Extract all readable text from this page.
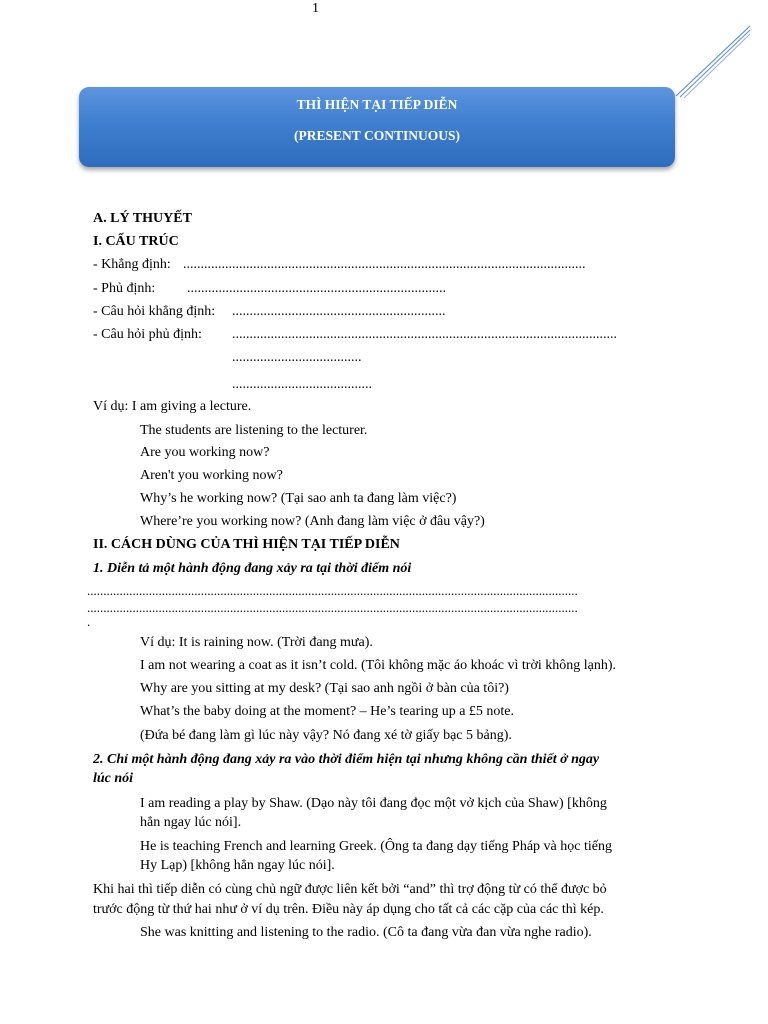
1
THÌ HIỆN TẠI TIẾP DIỄN
(PRESENT CONTINUOUS)
A. LÝ THUYẾT
I. CẤU TRÚC
- Khẳng định: ...................................................................................................................
- Phủ định: ..........................................................................
- Câu hỏi khẳng định: .............................................................
- Câu hỏi phủ định: ..............................................................................................................
.....................................
........................................
Ví dụ: I am giving a lecture.
The students are listening to the lecturer.
Are you working now?
Aren't you working now?
Why’s he working now? (Tại sao anh ta đang làm việc?)
Where’re you working now? (Anh đang làm việc ở đâu vậy?)
II. CÁCH DÙNG CỦA THÌ HIỆN TẠI TIẾP DIỄN
1. Diễn tả một hành động đang xảy ra tại thời điểm nói
.......................................................................................................................................................
.......................................................................................................................................................
.
Ví dụ: It is raining now. (Trời đang mưa).
I am not wearing a coat as it isn’t cold. (Tôi không mặc áo khoác vì trời không lạnh).
Why are you sitting at my desk? (Tại sao anh ngồi ở bàn của tôi?)
What’s the baby doing at the moment? – He’s tearing up a £5 note.
(Đứa bé đang làm gì lúc này vậy? Nó đang xé tờ giấy bạc 5 bảng).
2. Chỉ một hành động đang xảy ra vào thời điểm hiện tại nhưng không cần thiết ở ngay
lúc nói
I am reading a play by Shaw. (Dạo này tôi đang đọc một vở kịch của Shaw) [không
hẳn ngay lúc nói].
He is teaching French and learning Greek. (Ông ta đang dạy tiếng Pháp và học tiếng
Hy Lạp) [không hẳn ngay lúc nói].
Khi hai thì tiếp diễn có cùng chủ ngữ được liên kết bởi “and” thì trợ động từ có thể được bỏ
trước động từ thứ hai như ở ví dụ trên. Điều này áp dụng cho tất cả các cặp của các thì kép.
She was knitting and listening to the radio. (Cô ta đang vừa đan vừa nghe radio).
